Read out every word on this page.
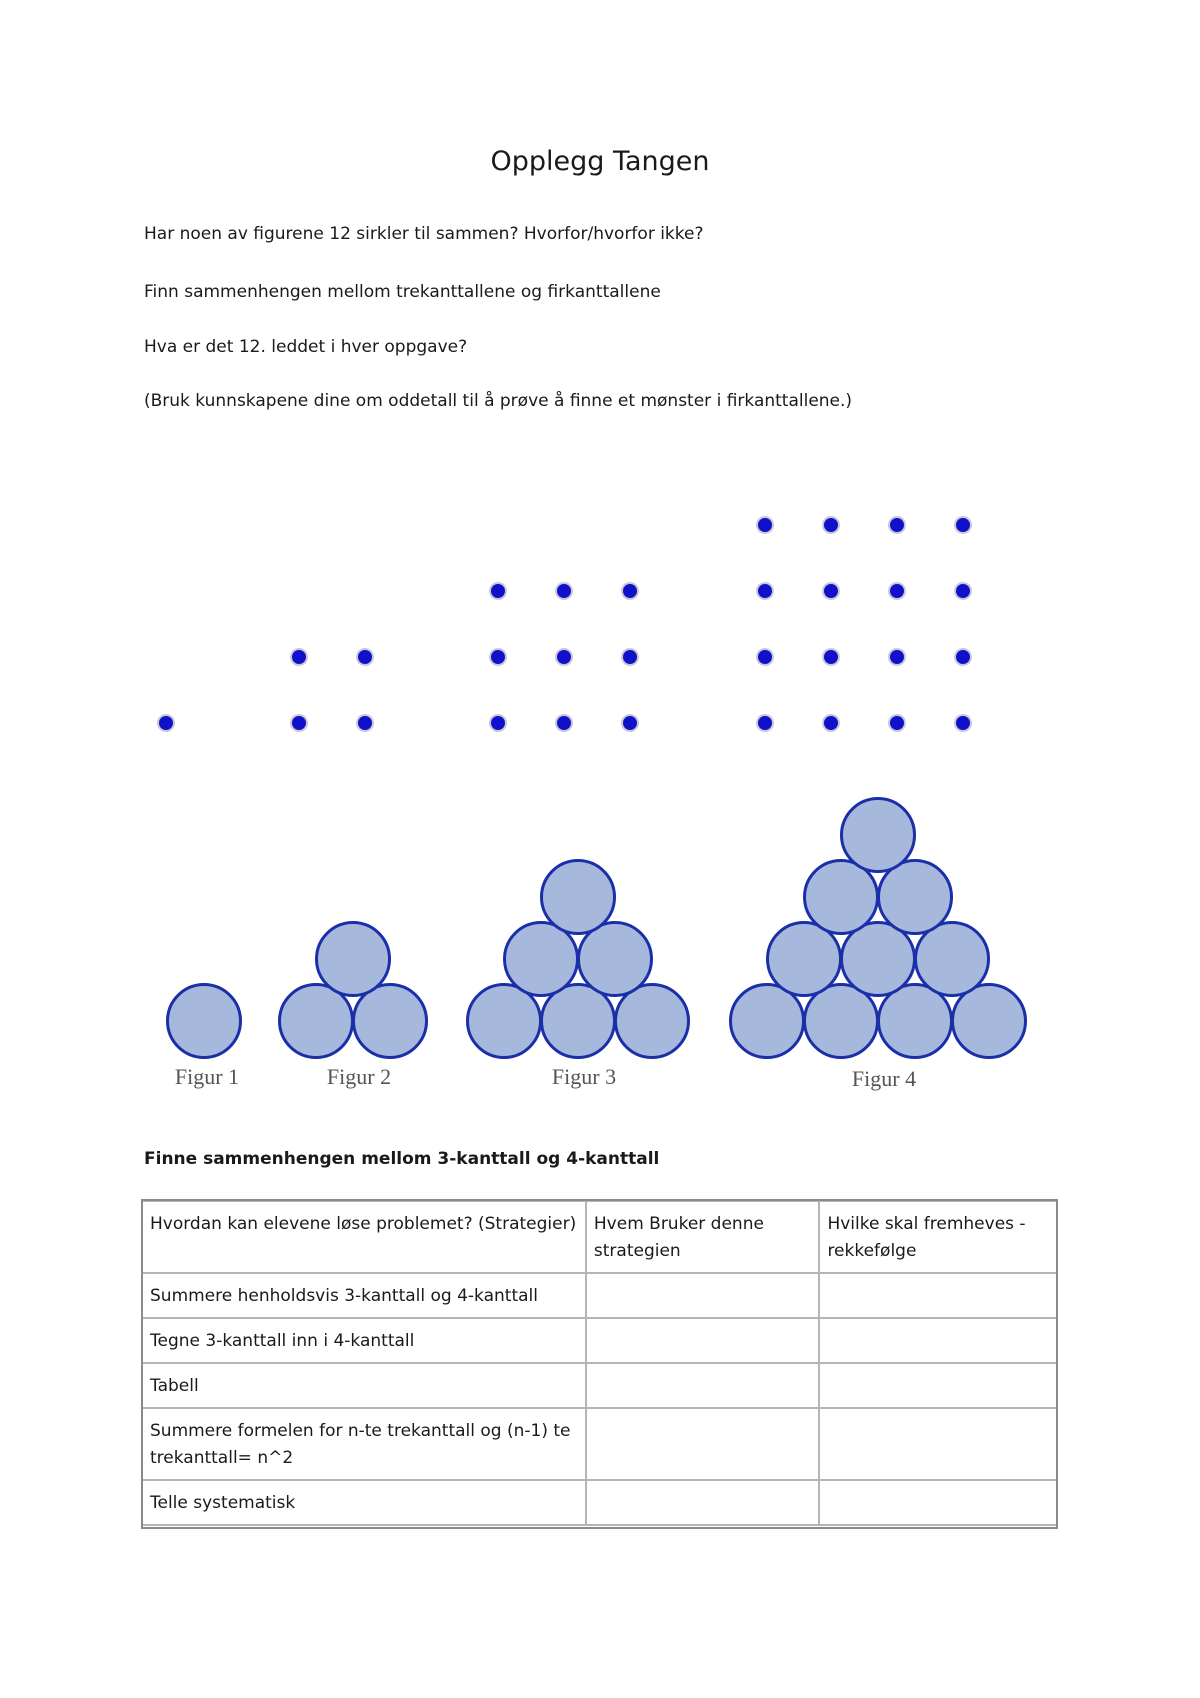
Opplegg Tangen
Har noen av figurene 12 sirkler til sammen? Hvorfor/hvorfor ikke?
Finn sammenhengen mellom trekanttallene og firkanttallene
Hva er det 12. leddet i hver oppgave?
(Bruk kunnskapene dine om oddetall til å prøve å finne et mønster i firkanttallene.)
Figur 1	Figur 2	Figur 3	Figur 4
Finne sammenhengen mellom 3-kanttall og 4-kanttall
Hvordan kan elevene løse problemet? (Strategier)	Hvem Bruker denne strategien	Hvilke skal fremheves - rekkefølge
Summere henholdsvis 3-kanttall og 4-kanttall		
Tegne 3-kanttall inn i 4-kanttall		
Tabell		
Summere formelen for n-te trekanttall og (n-1) te trekanttall= n^2		
Telle systematisk		
